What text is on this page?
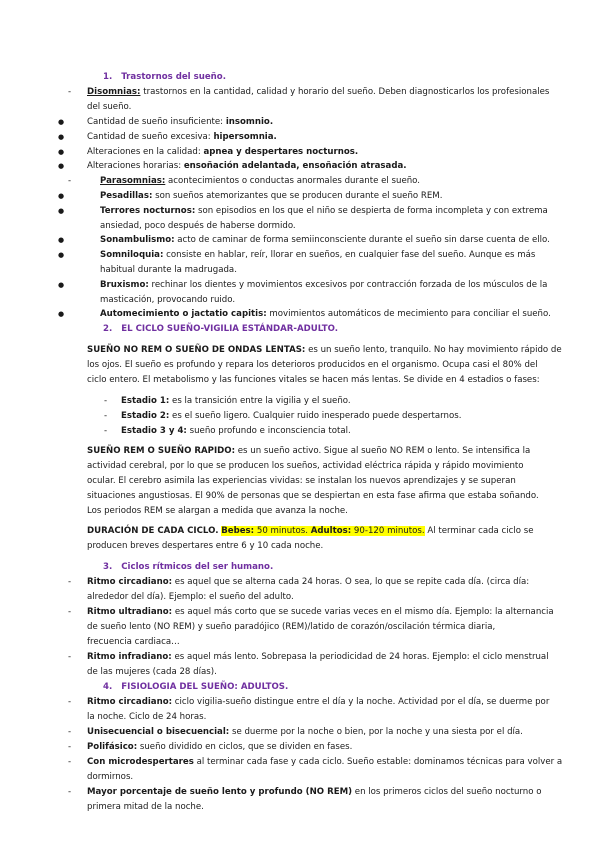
1. Trastornos del sueño.
- Disomnias: trastornos en la cantidad, calidad y horario del sueño. Deben diagnosticarlos los profesionales
del sueño.
●	Cantidad de sueño insuficiente: insomnio.
●	Cantidad de sueño excesiva: hipersomnia.
●	Alteraciones en la calidad: apnea y despertares nocturnos.
●	Alteraciones horarias: ensoñación adelantada, ensoñación atrasada.
-	Parasomnias: acontecimientos o conductas anormales durante el sueño.
●	Pesadillas: son sueños atemorizantes que se producen durante el sueño REM.
●	Terrores nocturnos: son episodios en los que el niño se despierta de forma incompleta y con extrema
ansiedad, poco después de haberse dormido.
●	Sonambulismo: acto de caminar de forma semiinconsciente durante el sueño sin darse cuenta de ello.
●	Somniloquia: consiste en hablar, reír, llorar en sueños, en cualquier fase del sueño. Aunque es más
habitual durante la madrugada.
●	Bruxismo: rechinar los dientes y movimientos excesivos por contracción forzada de los músculos de la
masticación, provocando ruido.
●	Automecimiento o jactatio capitis: movimientos automáticos de mecimiento para conciliar el sueño.
2. EL CICLO SUEÑO-VIGILIA ESTÁNDAR-ADULTO.
SUEÑO NO REM O SUEÑO DE ONDAS LENTAS: es un sueño lento, tranquilo. No hay movimiento rápido de
los ojos. El sueño es profundo y repara los deterioros producidos en el organismo. Ocupa casi el 80% del
ciclo entero. El metabolismo y las funciones vitales se hacen más lentas. Se divide en 4 estadios o fases:
- Estadio 1: es la transición entre la vigilia y el sueño.
- Estadio 2: es el sueño ligero. Cualquier ruido inesperado puede despertarnos.
- Estadio 3 y 4: sueño profundo e inconsciencia total.
SUEÑO REM O SUEÑO RAPIDO: es un sueño activo. Sigue al sueño NO REM o lento. Se intensifica la
actividad cerebral, por lo que se producen los sueños, actividad eléctrica rápida y rápido movimiento
ocular. El cerebro asimila las experiencias vividas: se instalan los nuevos aprendizajes y se superan
situaciones angustiosas. El 90% de personas que se despiertan en esta fase afirma que estaba soñando.
Los periodos REM se alargan a medida que avanza la noche.
DURACIÓN DE CADA CICLO. Bebes: 50 minutos. Adultos: 90-120 minutos. Al terminar cada ciclo se
producen breves despertares entre 6 y 10 cada noche.
3. Ciclos rítmicos del ser humano.
- Ritmo circadiano: es aquel que se alterna cada 24 horas. O sea, lo que se repite cada día. (circa día:
alrededor del día). Ejemplo: el sueño del adulto.
- Ritmo ultradiano: es aquel más corto que se sucede varias veces en el mismo día. Ejemplo: la alternancia
de sueño lento (NO REM) y sueño paradójico (REM)/latido de corazón/oscilación térmica diaria,
frecuencia cardiaca…
- Ritmo infradiano: es aquel más lento. Sobrepasa la periodicidad de 24 horas. Ejemplo: el ciclo menstrual
de las mujeres (cada 28 días).
4. FISIOLOGIA DEL SUEÑO: ADULTOS.
- Ritmo circadiano: ciclo vigilia-sueño distingue entre el día y la noche. Actividad por el día, se duerme por
la noche. Ciclo de 24 horas.
- Unisecuencial o bisecuencial: se duerme por la noche o bien, por la noche y una siesta por el día.
- Polifásico: sueño dividido en ciclos, que se dividen en fases.
- Con microdespertares al terminar cada fase y cada ciclo. Sueño estable: dominamos técnicas para volver a
dormirnos.
- Mayor porcentaje de sueño lento y profundo (NO REM) en los primeros ciclos del sueño nocturno o
primera mitad de la noche.
